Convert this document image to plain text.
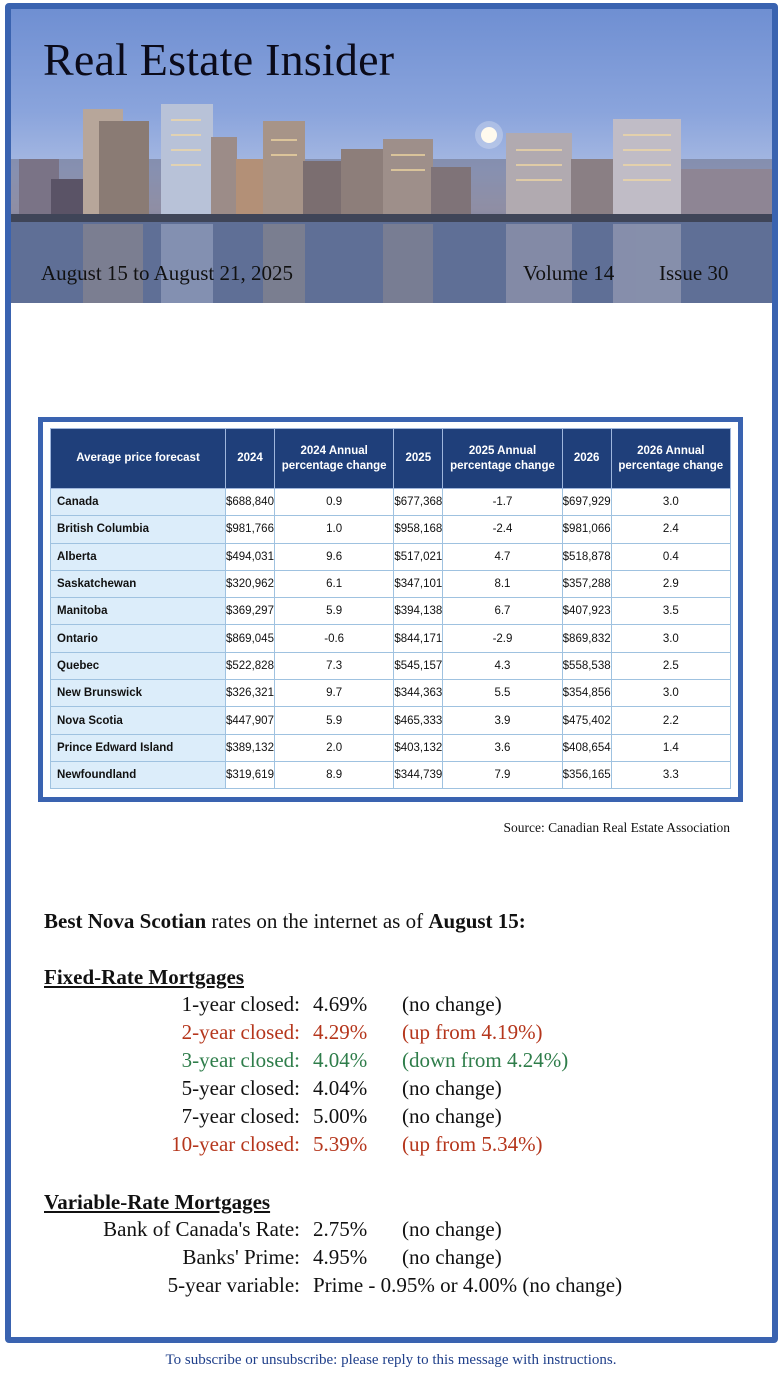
Real Estate Insider
August 15 to August 21, 2025	Volume 14 Issue 30
Average price forecast	2024	2024 Annual percentage change	2025	2025 Annual percentage change	2026	2026 Annual percentage change
Canada	$688,840	0.9	$677,368	-1.7	$697,929	3.0
British Columbia	$981,766	1.0	$958,168	-2.4	$981,066	2.4
Alberta	$494,031	9.6	$517,021	4.7	$518,878	0.4
Saskatchewan	$320,962	6.1	$347,101	8.1	$357,288	2.9
Manitoba	$369,297	5.9	$394,138	6.7	$407,923	3.5
Ontario	$869,045	-0.6	$844,171	-2.9	$869,832	3.0
Quebec	$522,828	7.3	$545,157	4.3	$558,538	2.5
New Brunswick	$326,321	9.7	$344,363	5.5	$354,856	3.0
Nova Scotia	$447,907	5.9	$465,333	3.9	$475,402	2.2
Prince Edward Island	$389,132	2.0	$403,132	3.6	$408,654	1.4
Newfoundland	$319,619	8.9	$344,739	7.9	$356,165	3.3
Source: Canadian Real Estate Association
Best Nova Scotian rates on the internet as of August 15:
Fixed-Rate Mortgages
1-year closed: 4.69% (no change)
2-year closed: 4.29% (up from 4.19%)
3-year closed: 4.04% (down from 4.24%)
5-year closed: 4.04% (no change)
7-year closed: 5.00% (no change)
10-year closed: 5.39% (up from 5.34%)
Variable-Rate Mortgages
Bank of Canada's Rate: 2.75% (no change)
Banks' Prime: 4.95% (no change)
5-year variable: Prime - 0.95% or 4.00% (no change)
To subscribe or unsubscribe: please reply to this message with instructions.
